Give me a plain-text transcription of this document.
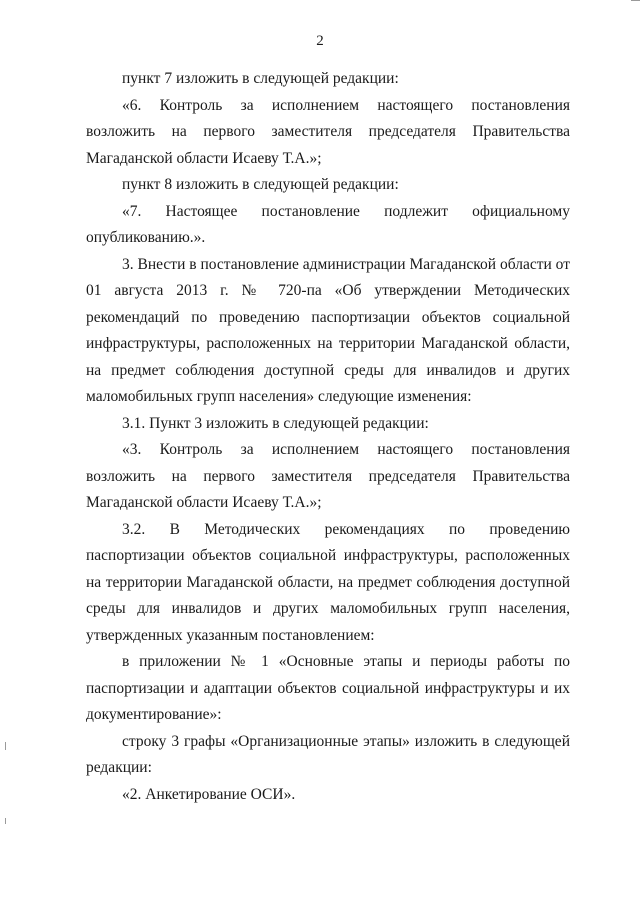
2

пункт 7 изложить в следующей редакции:

«6. Контроль за исполнением настоящего постановления возложить на первого заместителя председателя Правительства Магаданской области Исаеву Т.А.»;

пункт 8 изложить в следующей редакции:

«7. Настоящее постановление подлежит официальному опубликованию.».

3. Внести в постановление администрации Магаданской области от 01 августа 2013 г. № 720-па «Об утверждении Методических рекомендаций по проведению паспортизации объектов социальной инфраструктуры, расположенных на территории Магаданской области, на предмет соблюдения доступной среды для инвалидов и других маломобильных групп населения» следующие изменения:

3.1. Пункт 3 изложить в следующей редакции:

«3. Контроль за исполнением настоящего постановления возложить на первого заместителя председателя Правительства Магаданской области Исаеву Т.А.»;

3.2. В Методических рекомендациях по проведению паспортизации объектов социальной инфраструктуры, расположенных на территории Магаданской области, на предмет соблюдения доступной среды для инвалидов и других маломобильных групп населения, утвержденных указанным постановлением:

в приложении № 1 «Основные этапы и периоды работы по паспортизации и адаптации объектов социальной инфраструктуры и их документирование»:

строку 3 графы «Организационные этапы» изложить в следующей редакции:

«2. Анкетирование ОСИ».
